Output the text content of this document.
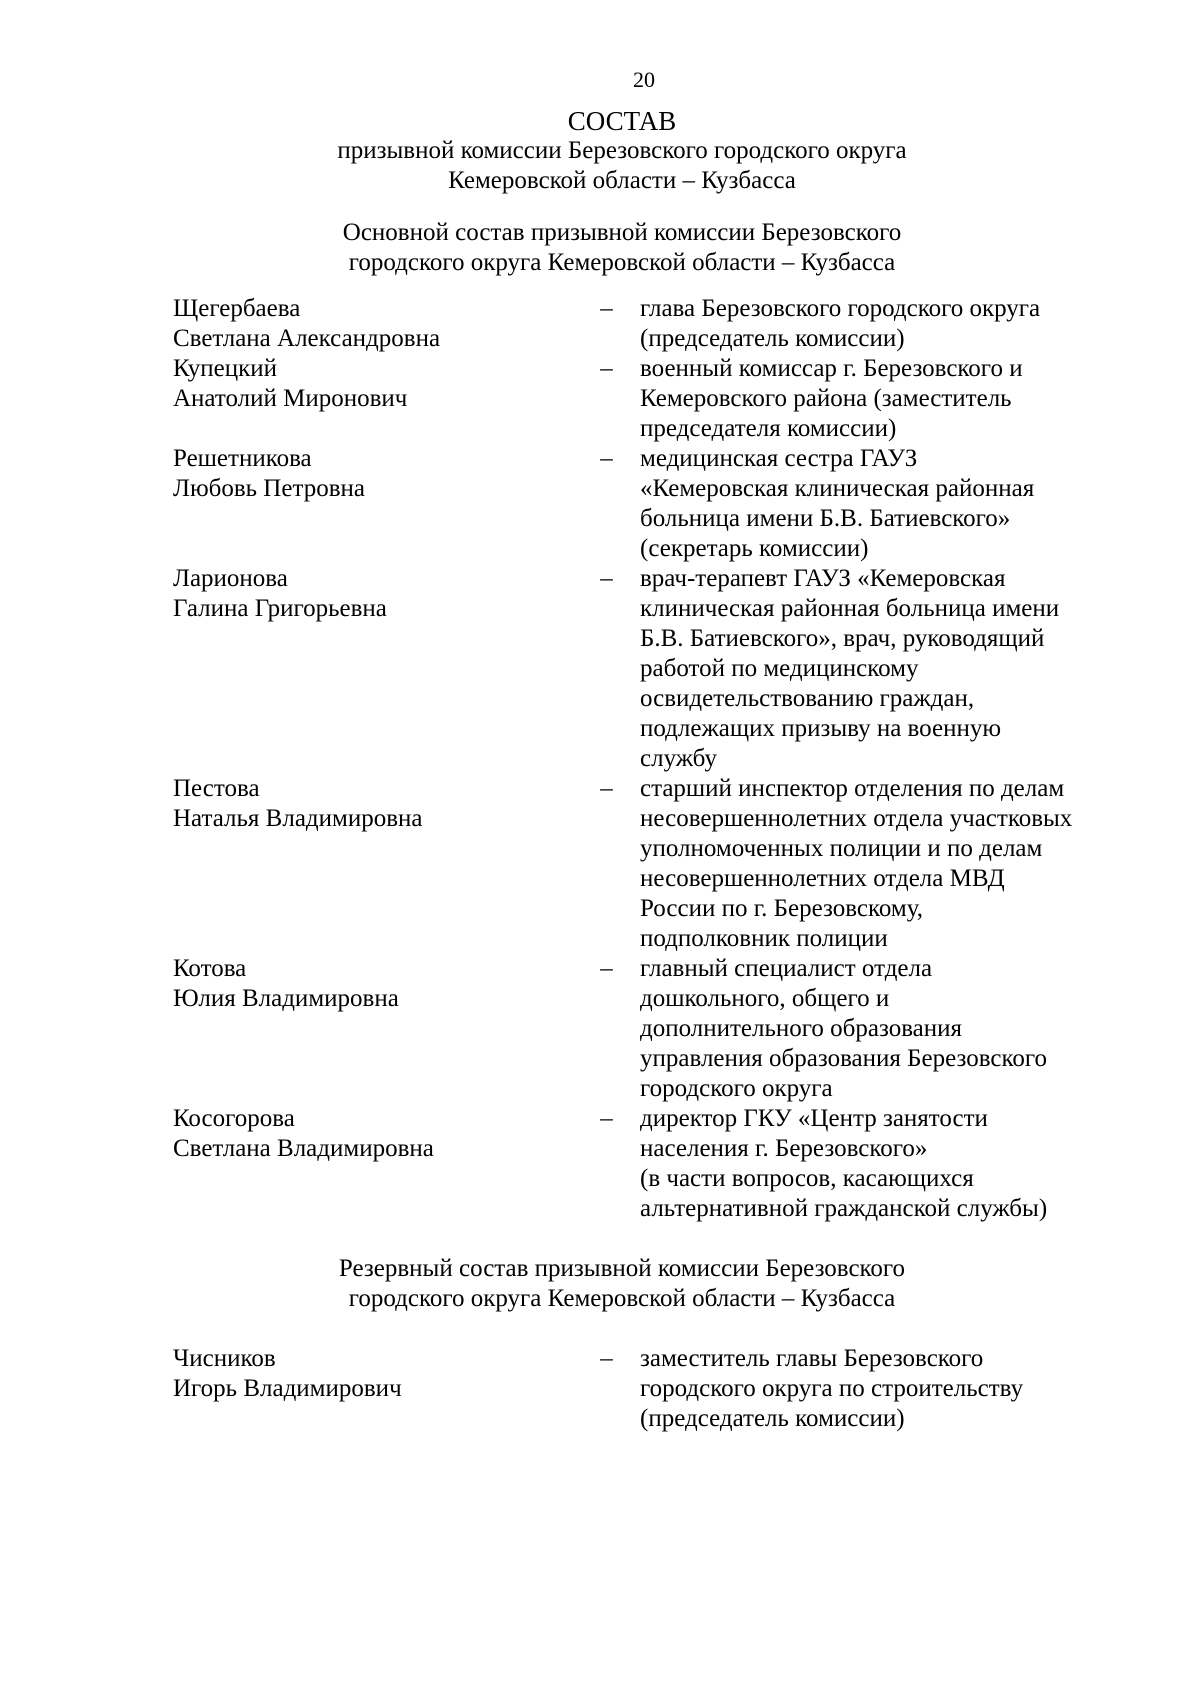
20
СОСТАВ
призывной комиссии Березовского городского округа
Кемеровской области – Кузбасса
Основной состав призывной комиссии Березовского
городского округа Кемеровской области – Кузбасса
Щегербаева
Светлана Александровна
–	глава Березовского городского округа
(председатель комиссии)
Купецкий
Анатолий Миронович
–	военный комиссар г. Березовского и
Кемеровского района (заместитель
председателя комиссии)
Решетникова
Любовь Петровна
–	медицинская сестра ГАУЗ
«Кемеровская клиническая районная
больница имени Б.В. Батиевского»
(секретарь комиссии)
Ларионова
Галина Григорьевна
–	врач-терапевт ГАУЗ «Кемеровская
клиническая районная больница имени
Б.В. Батиевского», врач, руководящий
работой по медицинскому
освидетельствованию граждан,
подлежащих призыву на военную
службу
Пестова
Наталья Владимировна
–	старший инспектор отделения по делам
несовершеннолетних отдела участковых
уполномоченных полиции и по делам
несовершеннолетних отдела МВД
России по г. Березовскому,
подполковник полиции
Котова
Юлия Владимировна
–	главный специалист отдела
дошкольного, общего и
дополнительного образования
управления образования Березовского
городского округа
Косогорова
Светлана Владимировна
–	директор ГКУ «Центр занятости
населения г. Березовского»
(в части вопросов, касающихся
альтернативной гражданской службы)
Резервный состав призывной комиссии Березовского
городского округа Кемеровской области – Кузбасса
Чисников
Игорь Владимирович
–	заместитель главы Березовского
городского округа по строительству
(председатель комиссии)
